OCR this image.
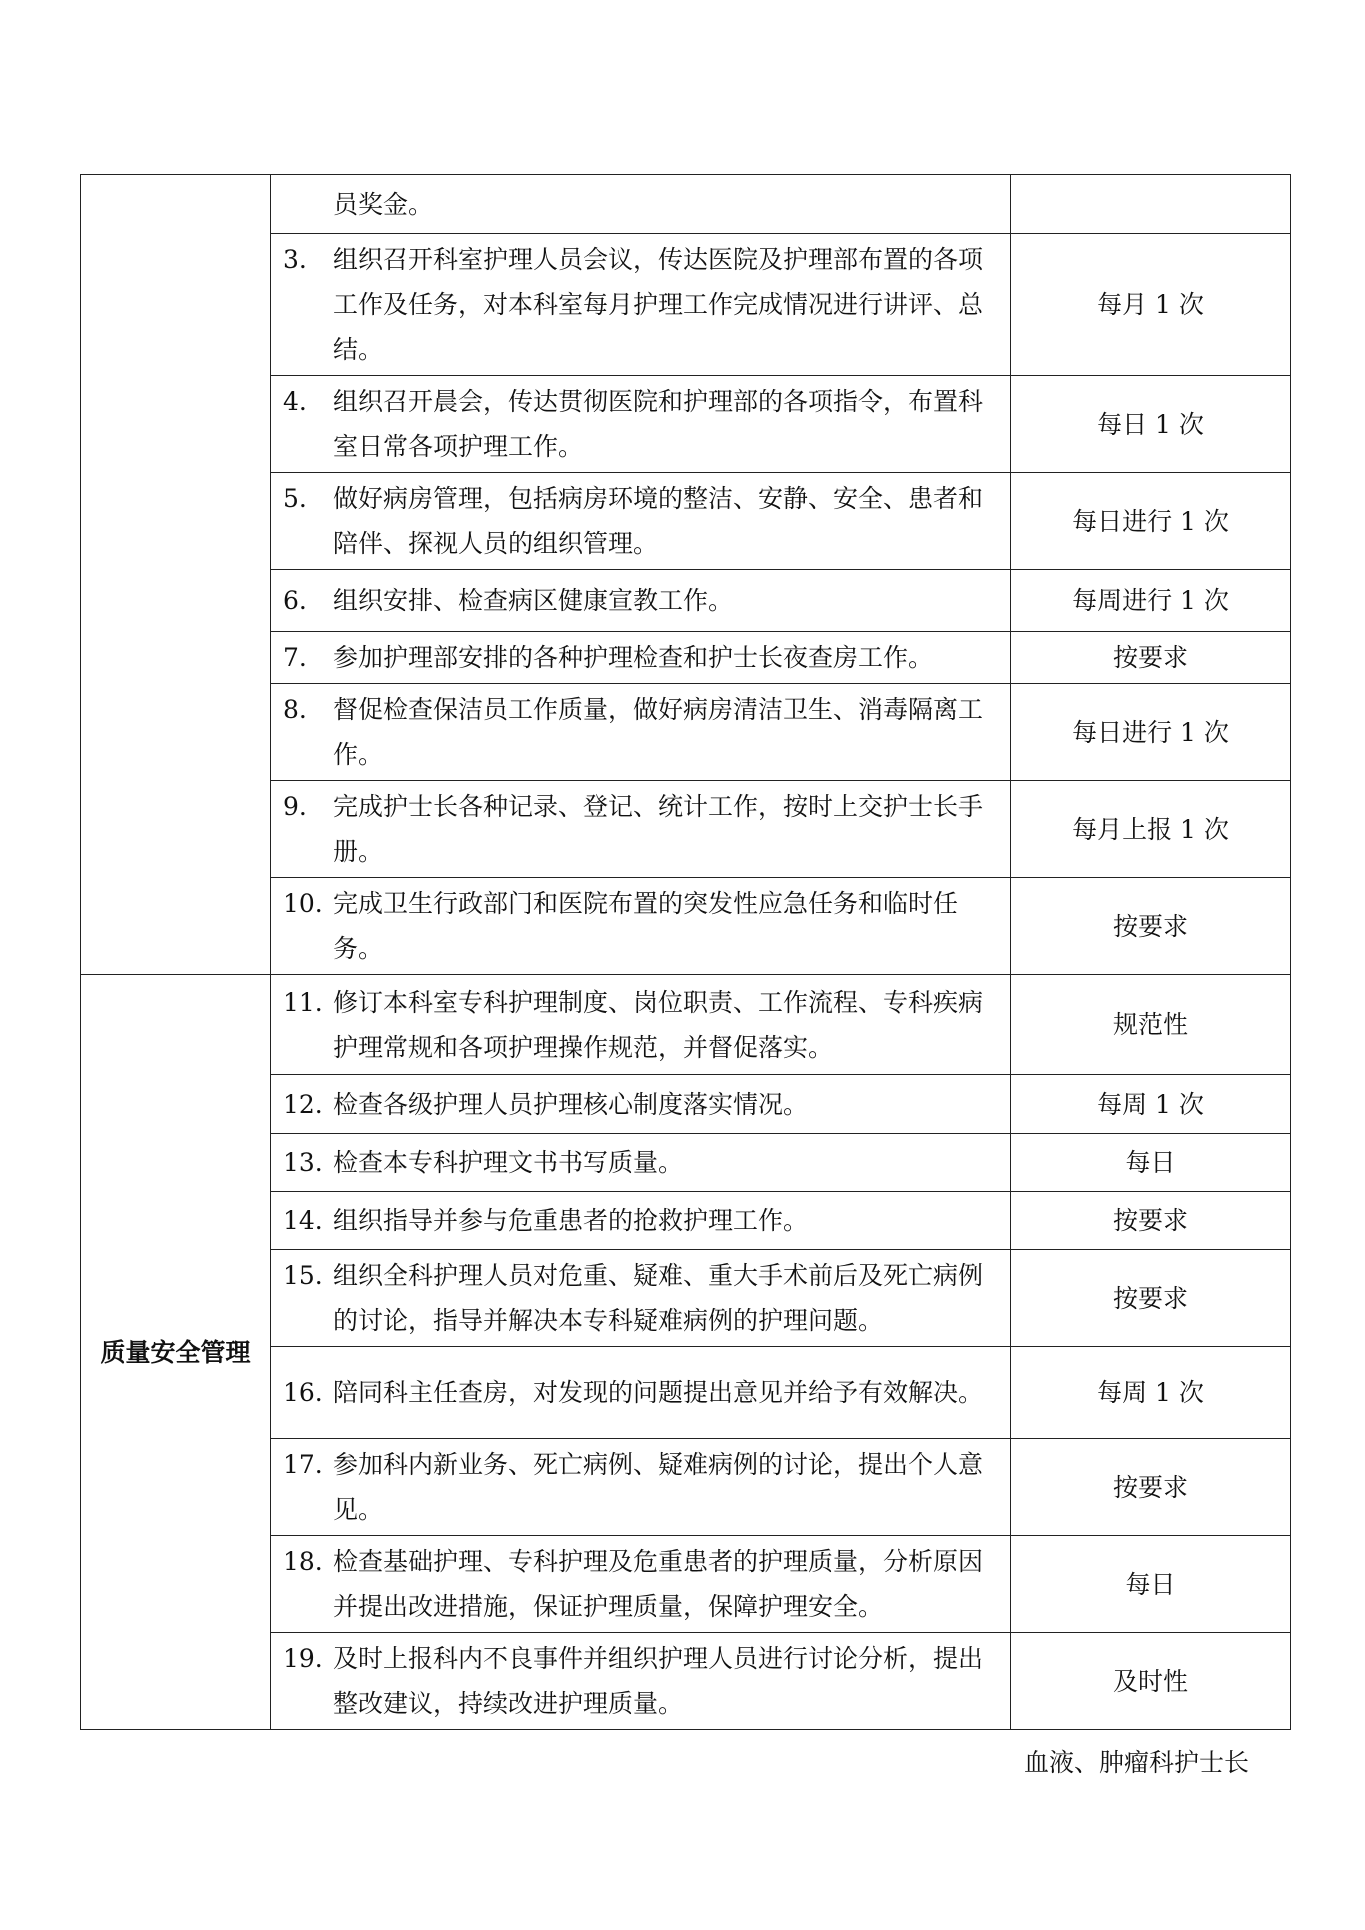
	员奖金。	

	3. 组织召开科室护理人员会议，传达医院及护理部布置的各项工作及任务，对本科室每月护理工作完成情况进行讲评、总结。	每月 1 次

	4. 组织召开晨会，传达贯彻医院和护理部的各项指令，布置科室日常各项护理工作。	每日 1 次

	5. 做好病房管理，包括病房环境的整洁、安静、安全、患者和陪伴、探视人员的组织管理。	每日进行 1 次

	6. 组织安排、检查病区健康宣教工作。	每周进行 1 次

	7. 参加护理部安排的各种护理检查和护士长夜查房工作。	按要求

	8. 督促检查保洁员工作质量，做好病房清洁卫生、消毒隔离工作。	每日进行 1 次

	9. 完成护士长各种记录、登记、统计工作，按时上交护士长手册。	每月上报 1 次

	10. 完成卫生行政部门和医院布置的突发性应急任务和临时任务。	按要求
质量安全管理	11. 修订本科室专科护理制度、岗位职责、工作流程、专科疾病护理常规和各项护理操作规范，并督促落实。	规范性

	12. 检查各级护理人员护理核心制度落实情况。	每周 1 次

	13. 检查本专科护理文书书写质量。	每日

	14. 组织指导并参与危重患者的抢救护理工作。	按要求

	15. 组织全科护理人员对危重、疑难、重大手术前后及死亡病例的讨论，指导并解决本专科疑难病例的护理问题。	按要求

	16. 陪同科主任查房，对发现的问题提出意见并给予有效解决。	每周 1 次

	17. 参加科内新业务、死亡病例、疑难病例的讨论，提出个人意见。	按要求

	18. 检查基础护理、专科护理及危重患者的护理质量，分析原因并提出改进措施，保证护理质量，保障护理安全。	每日

	19. 及时上报科内不良事件并组织护理人员进行讨论分析，提出整改建议，持续改进护理质量。	及时性
血液、肿瘤科护士长
